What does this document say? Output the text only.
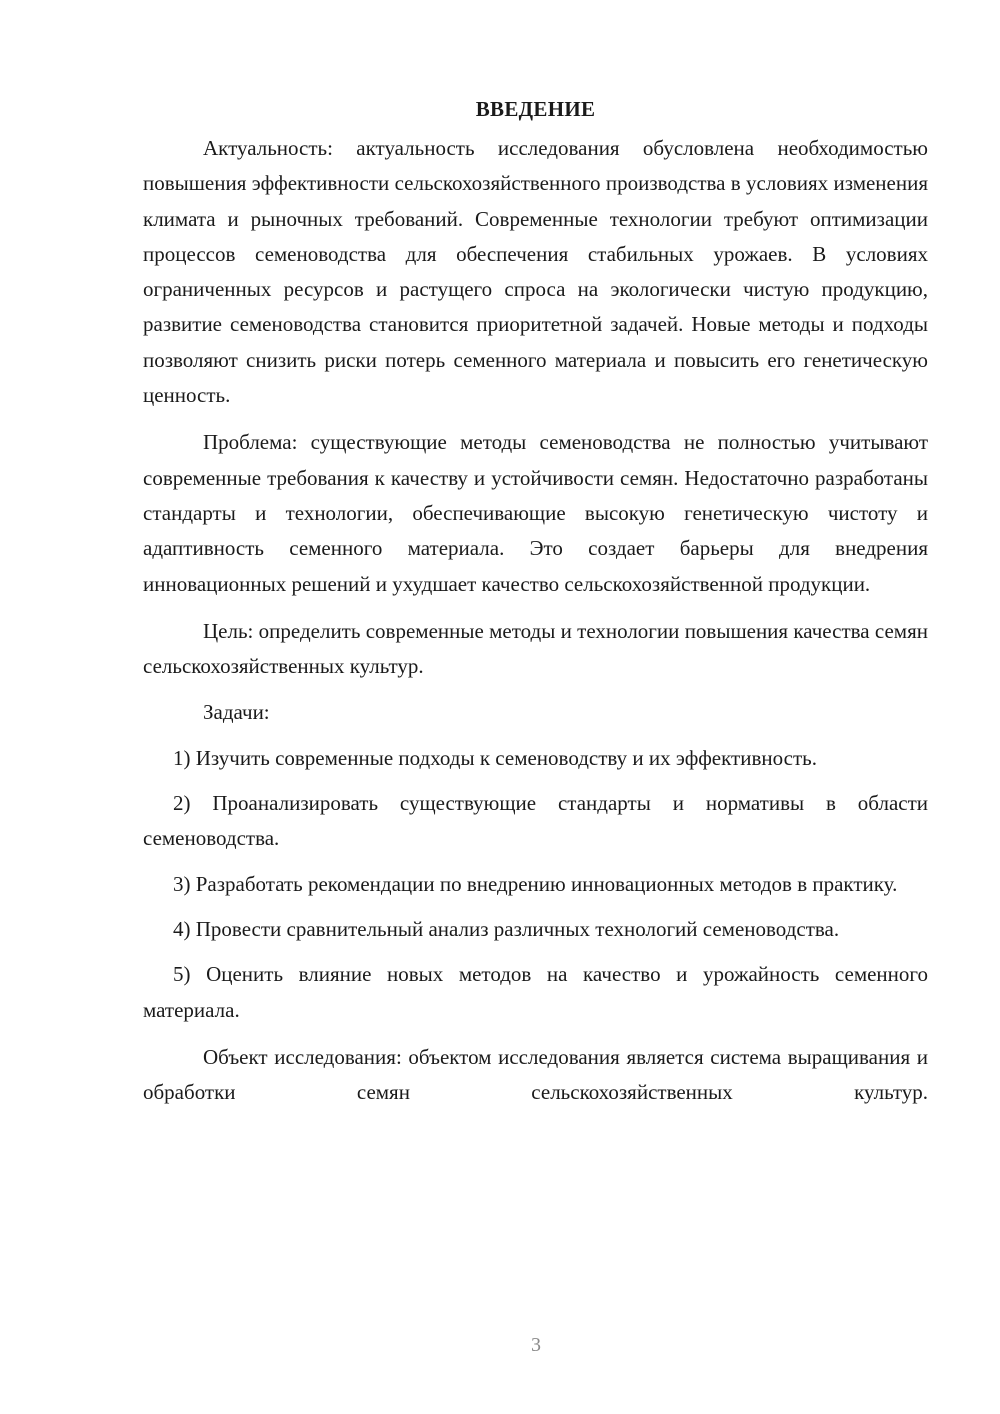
ВВЕДЕНИЕ

Актуальность: актуальность исследования обусловлена необходимостью повышения эффективности сельскохозяйственного производства в условиях изменения климата и рыночных требований. Современные технологии требуют оптимизации процессов семеноводства для обеспечения стабильных урожаев. В условиях ограниченных ресурсов и растущего спроса на экологически чистую продукцию, развитие семеноводства становится приоритетной задачей. Новые методы и подходы позволяют снизить риски потерь семенного материала и повысить его генетическую ценность.

Проблема: существующие методы семеноводства не полностью учитывают современные требования к качеству и устойчивости семян. Недостаточно разработаны стандарты и технологии, обеспечивающие высокую генетическую чистоту и адаптивность семенного материала. Это создает барьеры для внедрения инновационных решений и ухудшает качество сельскохозяйственной продукции.

Цель: определить современные методы и технологии повышения качества семян сельскохозяйственных культур.

Задачи:

1) Изучить современные подходы к семеноводству и их эффективность.

2) Проанализировать существующие стандарты и нормативы в области семеноводства.

3) Разработать рекомендации по внедрению инновационных методов в практику.

4) Провести сравнительный анализ различных технологий семеноводства.

5) Оценить влияние новых методов на качество и урожайность семенного материала.

Объект исследования: объектом исследования является система выращивания и обработки семян сельскохозяйственных культур.

3
